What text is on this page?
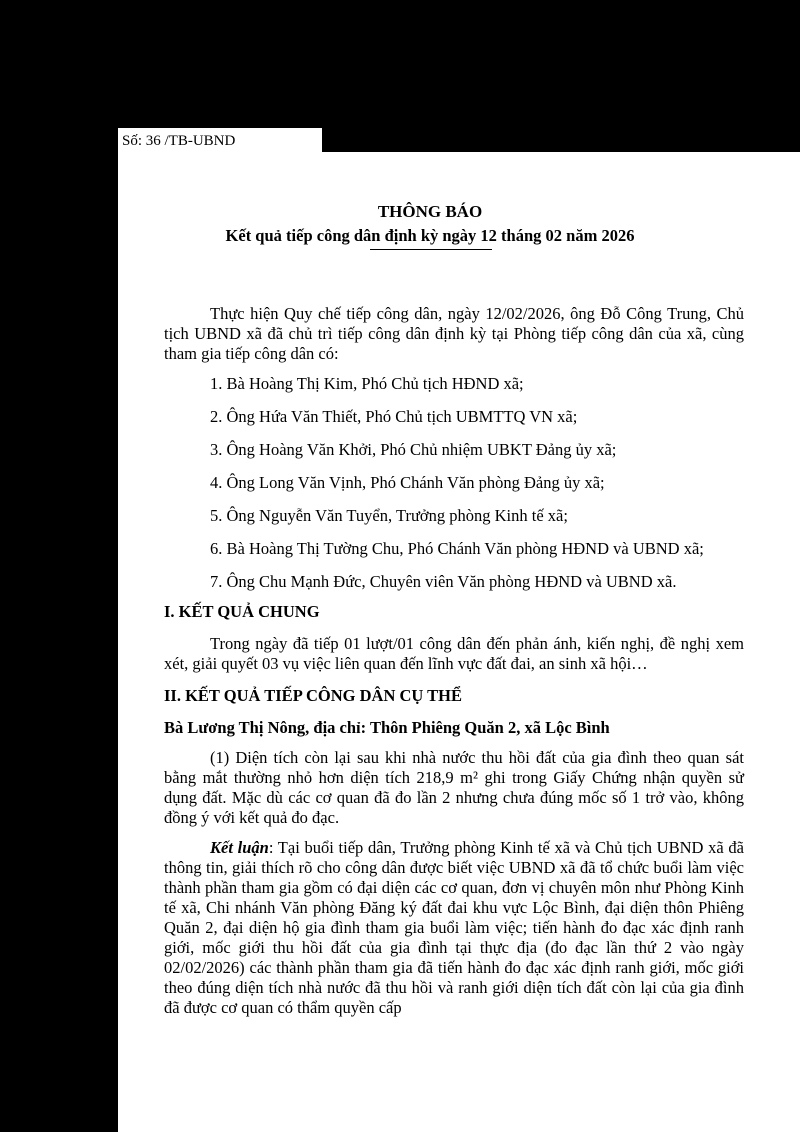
Số: 36 /TB-UBND
THÔNG BÁO
Kết quả tiếp công dân định kỳ ngày 12 tháng 02 năm 2026

Thực hiện Quy chế tiếp công dân, ngày 12/02/2026, ông Đỗ Công Trung, Chủ tịch UBND xã đã chủ trì tiếp công dân định kỳ tại Phòng tiếp công dân của xã, cùng tham gia tiếp công dân có:

1. Bà Hoàng Thị Kim, Phó Chủ tịch HĐND xã;
2. Ông Hứa Văn Thiết, Phó Chủ tịch UBMTTQ VN xã;
3. Ông Hoàng Văn Khởi, Phó Chủ nhiệm UBKT Đảng ủy xã;
4. Ông Long Văn Vịnh, Phó Chánh Văn phòng Đảng ủy xã;
5. Ông Nguyễn Văn Tuyển, Trưởng phòng Kinh tế xã;
6. Bà Hoàng Thị Tường Chu, Phó Chánh Văn phòng HĐND và UBND xã;
7. Ông Chu Mạnh Đức, Chuyên viên Văn phòng HĐND và UBND xã.

I. KẾT QUẢ CHUNG

Trong ngày đã tiếp 01 lượt/01 công dân đến phản ánh, kiến nghị, đề nghị xem xét, giải quyết 03 vụ việc liên quan đến lĩnh vực đất đai, an sinh xã hội…

II. KẾT QUẢ TIẾP CÔNG DÂN CỤ THỂ

Bà Lương Thị Nông, địa chỉ: Thôn Phiêng Quăn 2, xã Lộc Bình

(1) Diện tích còn lại sau khi nhà nước thu hồi đất của gia đình theo quan sát bằng mắt thường nhỏ hơn diện tích 218,9 m² ghi trong Giấy Chứng nhận quyền sử dụng đất. Mặc dù các cơ quan đã đo lần 2 nhưng chưa đúng mốc số 1 trở vào, không đồng ý với kết quả đo đạc.

Kết luận: Tại buổi tiếp dân, Trưởng phòng Kinh tế xã và Chủ tịch UBND xã đã thông tin, giải thích rõ cho công dân được biết việc UBND xã đã tổ chức buổi làm việc thành phần tham gia gồm có đại diện các cơ quan, đơn vị chuyên môn như Phòng Kinh tế xã, Chi nhánh Văn phòng Đăng ký đất đai khu vực Lộc Bình, đại diện thôn Phiêng Quăn 2, đại diện hộ gia đình tham gia buổi làm việc; tiến hành đo đạc xác định ranh giới, mốc giới thu hồi đất của gia đình tại thực địa (đo đạc lần thứ 2 vào ngày 02/02/2026) các thành phần tham gia đã tiến hành đo đạc xác định ranh giới, mốc giới theo đúng diện tích nhà nước đã thu hồi và ranh giới diện tích đất còn lại của gia đình đã được cơ quan có thẩm quyền cấp
